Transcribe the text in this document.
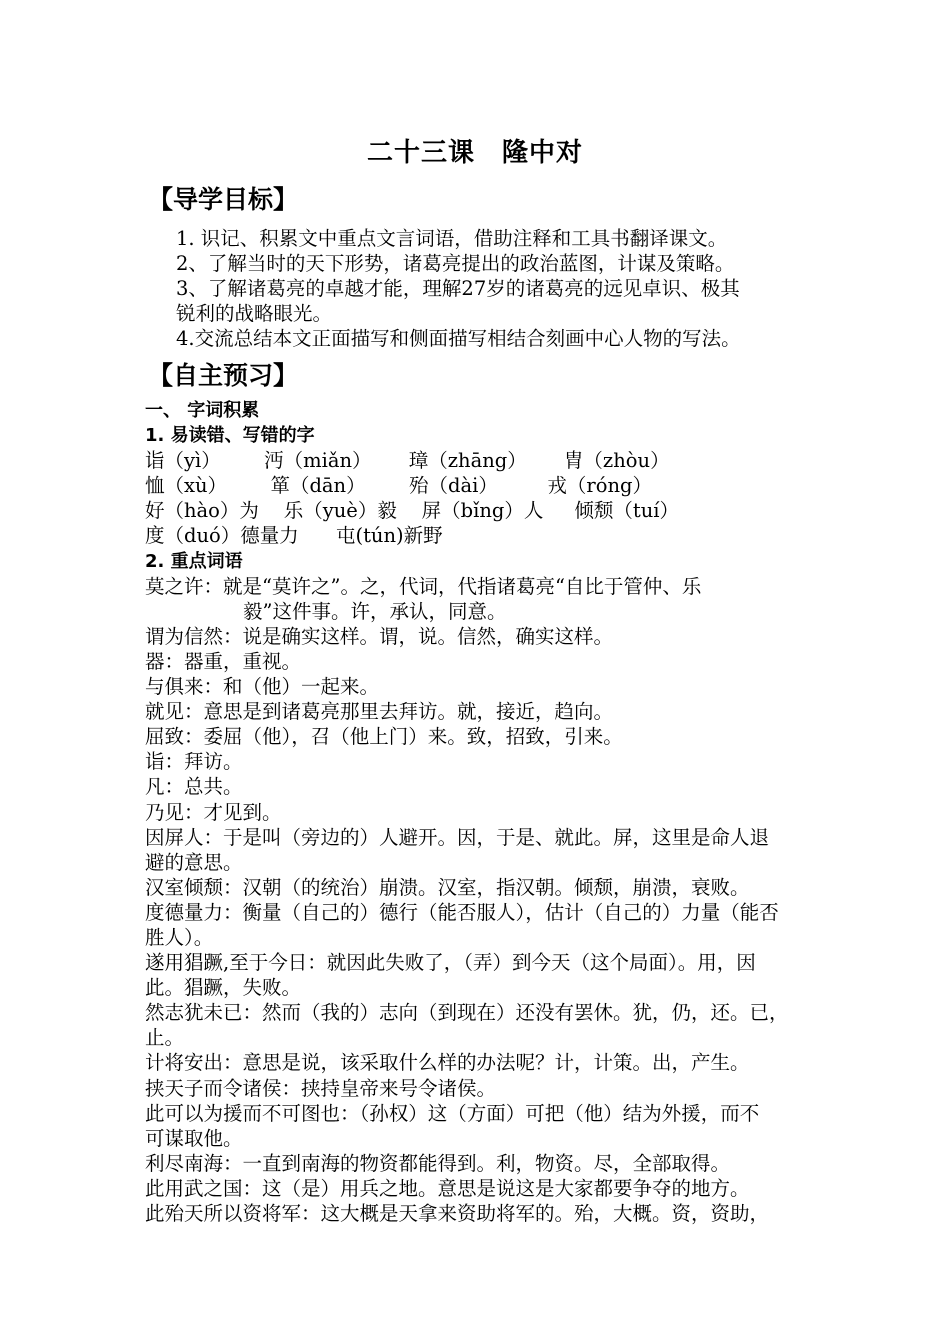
二十三课　隆中对
【导学目标】
1. 识记、积累文中重点文言词语，借助注释和工具书翻译课文。
2、了解当时的天下形势，诸葛亮提出的政治蓝图，计谋及策略。
3、了解诸葛亮的卓越才能，理解27岁的诸葛亮的远见卓识、极其
锐利的战略眼光。
4.交流总结本文正面描写和侧面描写相结合刻画中心人物的写法。
【自主预习】
一、 字词积累
1. 易读错、写错的字
诣（yì）       沔（miǎn）      璋（zhāng）      胄（zhòu）
恤（xù）       箪（dān）       殆（dài）        戎（róng）
好（hào）为    乐（yuè）毅    屏（bǐng）人     倾颓（tuí）
度（duó）德量力      屯(tún)新野
2. 重点词语
莫之许：就是“莫许之”。之，代词，代指诸葛亮“自比于管仲、乐
毅”这件事。许，承认，同意。
谓为信然：说是确实这样。谓，说。信然，确实这样。
器：器重，重视。
与俱来：和（他）一起来。
就见：意思是到诸葛亮那里去拜访。就，接近，趋向。
屈致：委屈（他），召（他上门）来。致，招致，引来。
诣：拜访。
凡：总共。
乃见：才见到。
因屏人：于是叫（旁边的）人避开。因，于是、就此。屏，这里是命人退
避的意思。
汉室倾颓：汉朝（的统治）崩溃。汉室，指汉朝。倾颓，崩溃，衰败。
度德量力：衡量（自己的）德行（能否服人），估计（自己的）力量（能否
胜人）。
遂用猖蹶,至于今日：就因此失败了，（弄）到今天（这个局面）。用，因
此。猖蹶，失败。
然志犹未已：然而（我的）志向（到现在）还没有罢休。犹，仍，还。已，
止。
计将安出：意思是说，该采取什么样的办法呢？计，计策。出，产生。
挟天子而令诸侯：挟持皇帝来号令诸侯。
此可以为援而不可图也：（孙权）这（方面）可把（他）结为外援，而不
可谋取他。
利尽南海：一直到南海的物资都能得到。利，物资。尽，全部取得。
此用武之国：这（是）用兵之地。意思是说这是大家都要争夺的地方。
此殆天所以资将军：这大概是天拿来资助将军的。殆，大概。资，资助，
